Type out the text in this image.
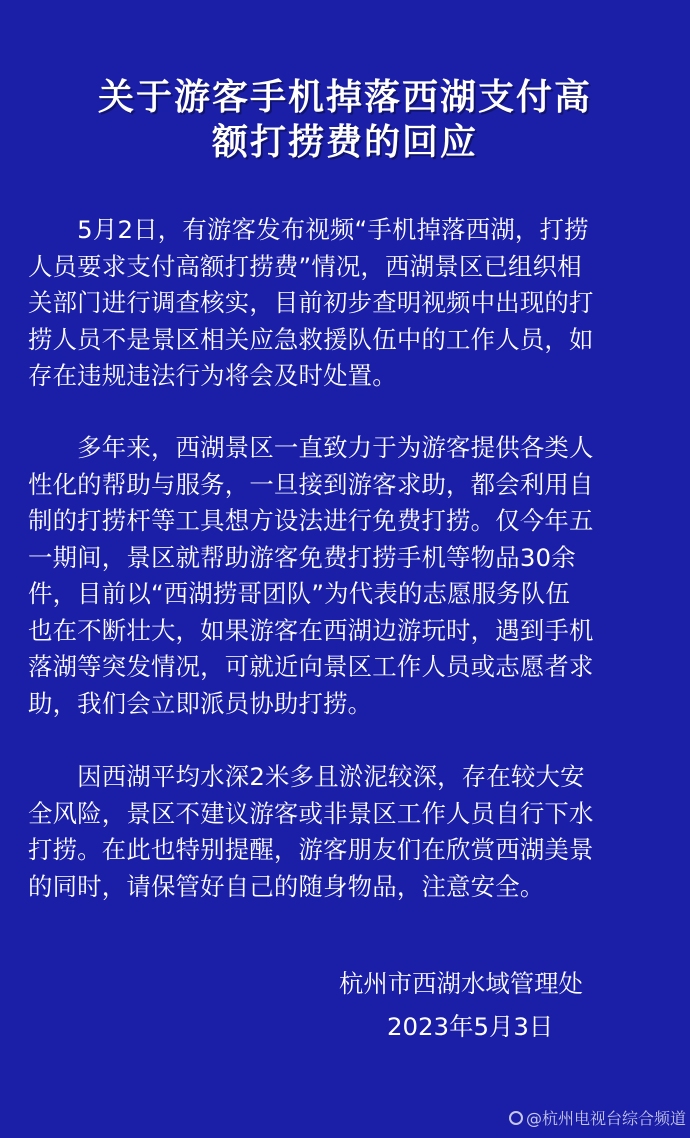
关于游客手机掉落西湖支付高
额打捞费的回应
　　5月2日，有游客发布视频“手机掉落西湖，打捞
人员要求支付高额打捞费”情况，西湖景区已组织相
关部门进行调查核实，目前初步查明视频中出现的打
捞人员不是景区相关应急救援队伍中的工作人员，如
存在违规违法行为将会及时处置。
　　多年来，西湖景区一直致力于为游客提供各类人
性化的帮助与服务，一旦接到游客求助，都会利用自
制的打捞杆等工具想方设法进行免费打捞。仅今年五
一期间，景区就帮助游客免费打捞手机等物品30余
件，目前以“西湖捞哥团队”为代表的志愿服务队伍
也在不断壮大，如果游客在西湖边游玩时，遇到手机
落湖等突发情况，可就近向景区工作人员或志愿者求
助，我们会立即派员协助打捞。
　　因西湖平均水深2米多且淤泥较深，存在较大安
全风险，景区不建议游客或非景区工作人员自行下水
打捞。在此也特别提醒，游客朋友们在欣赏西湖美景
的同时，请保管好自己的随身物品，注意安全。
杭州市西湖水域管理处
2023年5月3日
@杭州电视台综合频道
